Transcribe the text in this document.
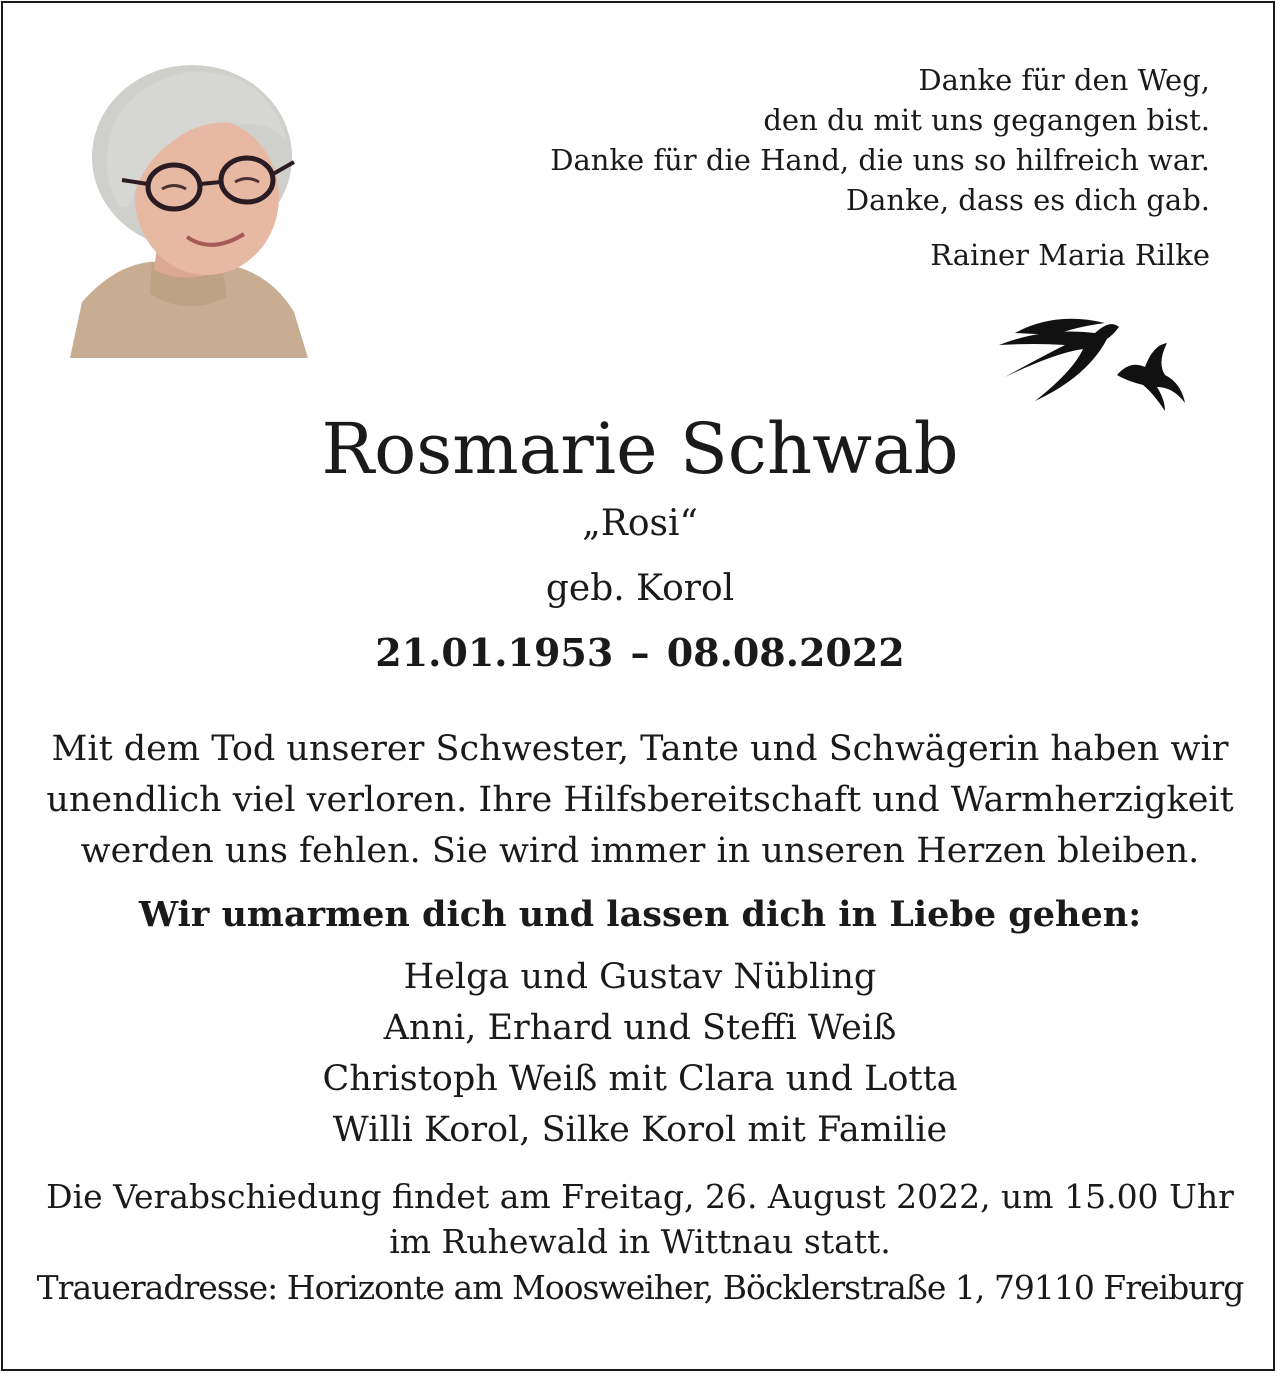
Danke für den Weg,
den du mit uns gegangen bist.
Danke für die Hand, die uns so hilfreich war.
Danke, dass es dich gab.
Rainer Maria Rilke
Rosmarie Schwab
„Rosi“
geb. Korol
21.01.1953 – 08.08.2022
Mit dem Tod unserer Schwester, Tante und Schwägerin haben wir
unendlich viel verloren. Ihre Hilfsbereitschaft und Warmherzigkeit
werden uns fehlen. Sie wird immer in unseren Herzen bleiben.
Wir umarmen dich und lassen dich in Liebe gehen:
Helga und Gustav Nübling
Anni, Erhard und Steffi Weiß
Christoph Weiß mit Clara und Lotta
Willi Korol, Silke Korol mit Familie
Die Verabschiedung findet am Freitag, 26. August 2022, um 15.00 Uhr
im Ruhewald in Wittnau statt.
Traueradresse: Horizonte am Moosweiher, Böcklerstraße 1, 79110 Freiburg
